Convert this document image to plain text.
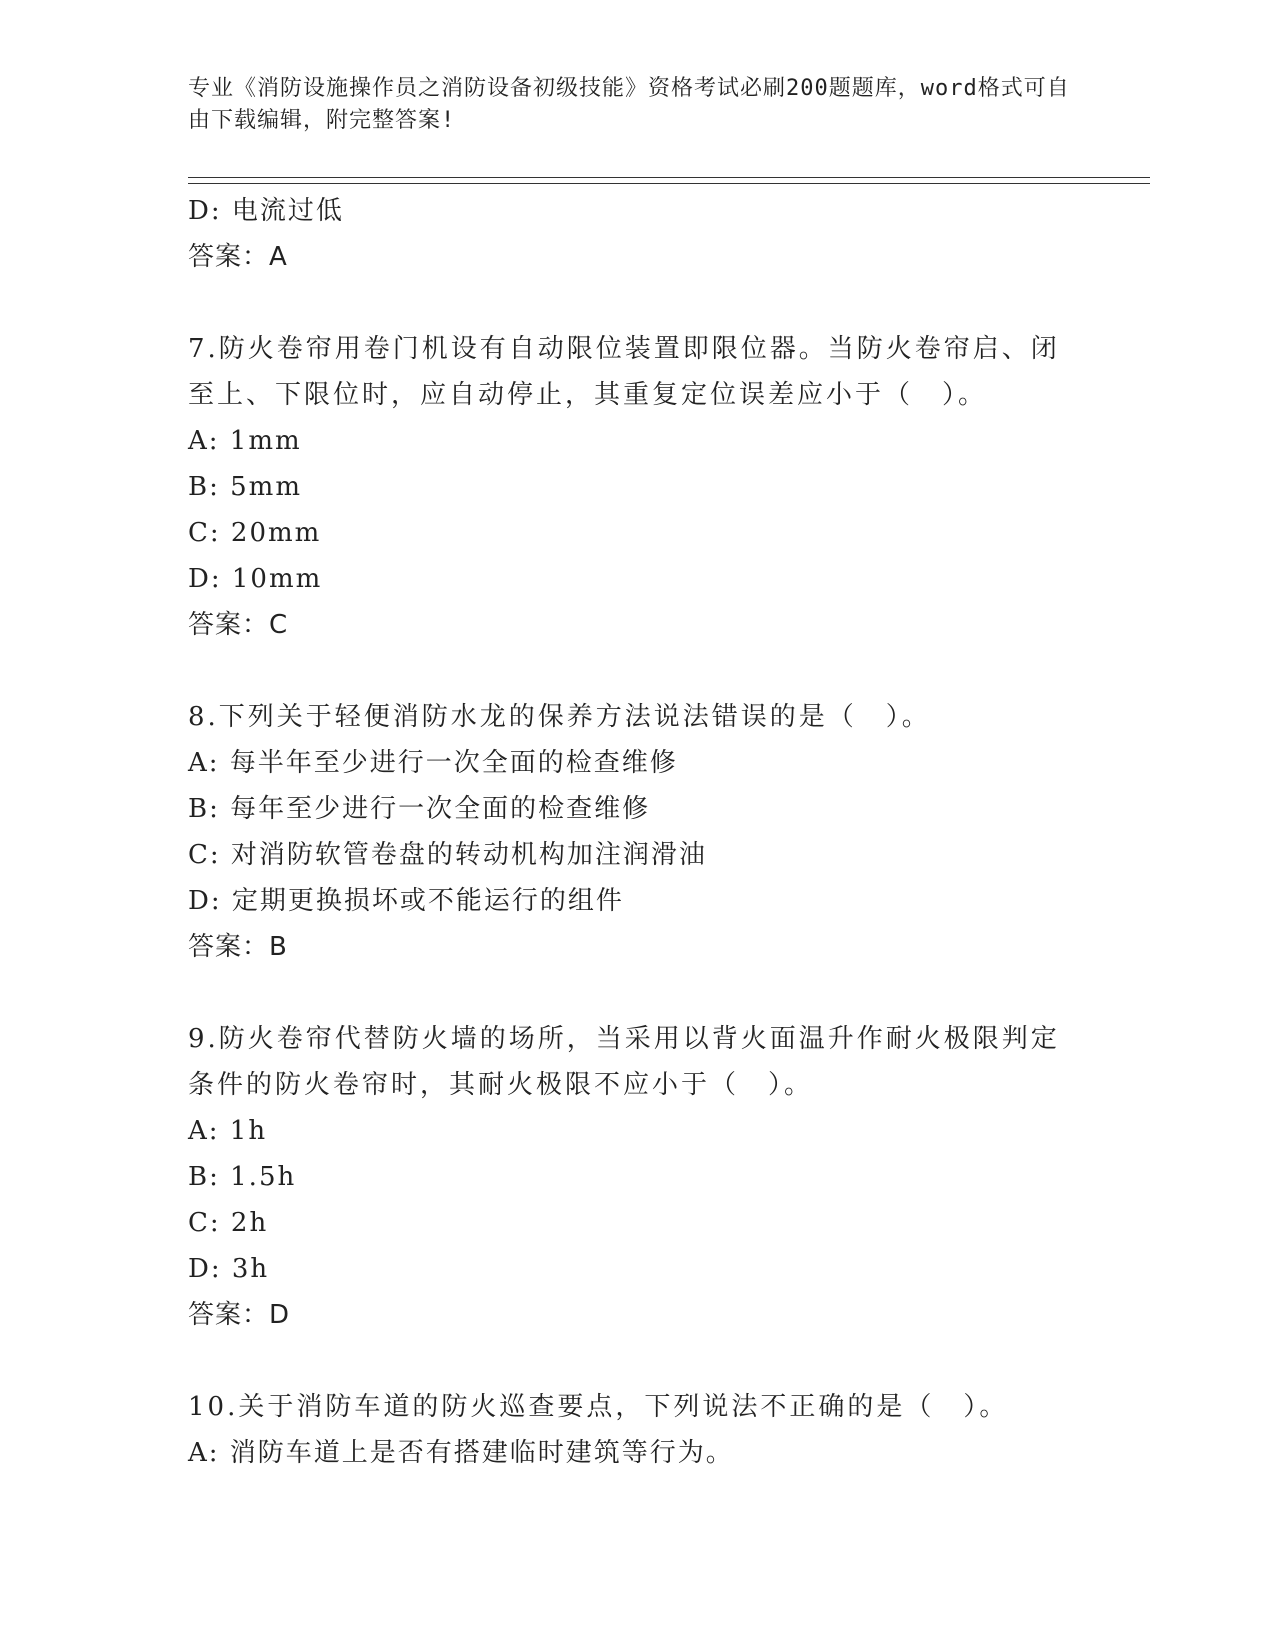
专业《消防设施操作员之消防设备初级技能》资格考试必刷200题题库，word格式可自由下载编辑，附完整答案!
D: 电流过低
答案：A
7.防火卷帘用卷门机设有自动限位装置即限位器。当防火卷帘启、闭至上、下限位时，应自动停止，其重复定位误差应小于（　）。
A: 1mm
B: 5mm
C: 20mm
D: 10mm
答案：C
8.下列关于轻便消防水龙的保养方法说法错误的是（　）。
A: 每半年至少进行一次全面的检查维修
B: 每年至少进行一次全面的检查维修
C: 对消防软管卷盘的转动机构加注润滑油
D: 定期更换损坏或不能运行的组件
答案：B
9.防火卷帘代替防火墙的场所，当采用以背火面温升作耐火极限判定条件的防火卷帘时，其耐火极限不应小于（　）。
A: 1h
B: 1.5h
C: 2h
D: 3h
答案：D
10.关于消防车道的防火巡查要点，下列说法不正确的是（　）。
A: 消防车道上是否有搭建临时建筑等行为。
